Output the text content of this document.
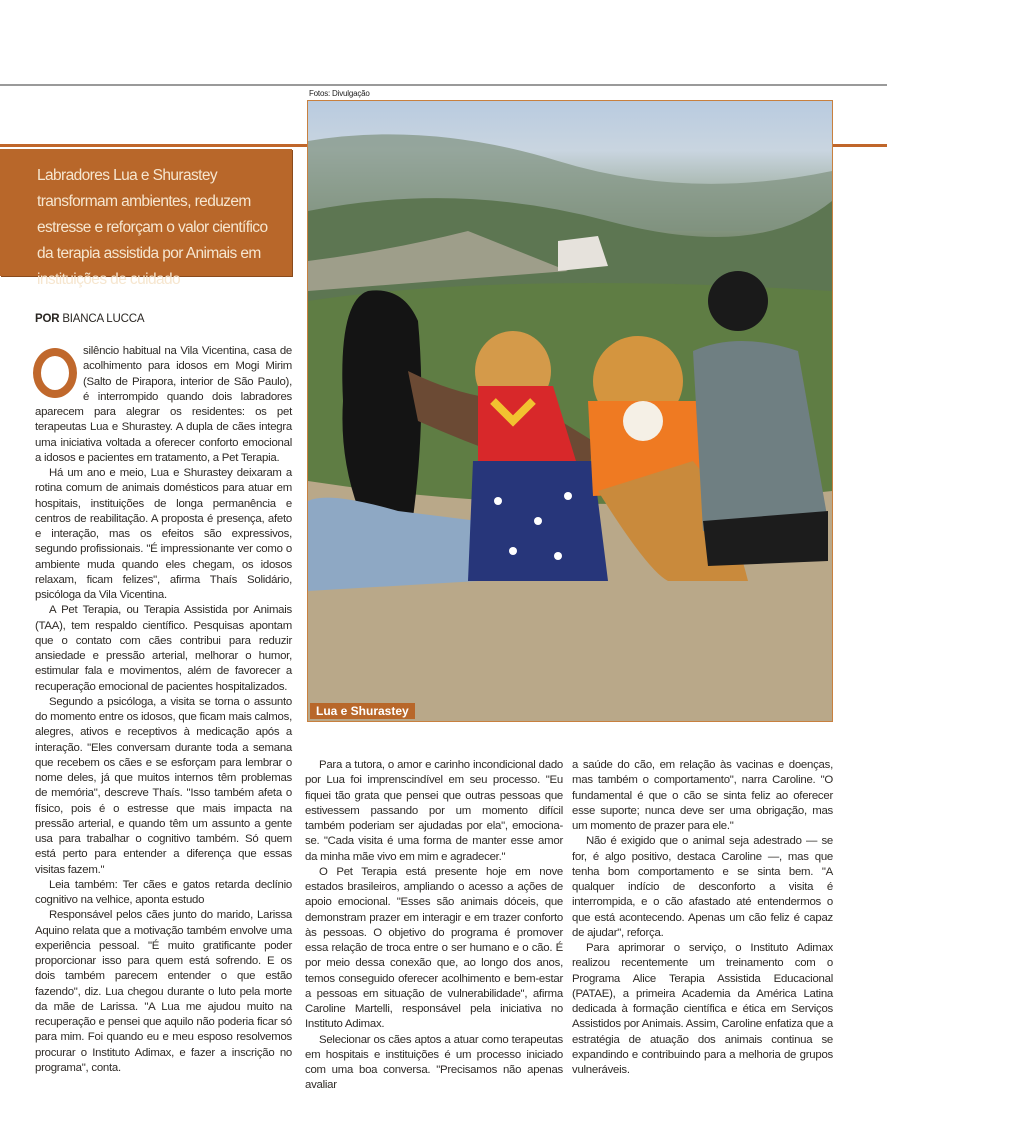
Fotos: Divulgação

Labradores Lua e Shurastey transformam ambientes, reduzem estresse e reforçam o valor científico da terapia assistida por Animais em instituições de cuidado

Lua e Shurastey
POR BIANCA LUCCA

silêncio habitual na Vila Vicentina, casa de acolhimento para idosos em Mogi Mirim (Salto de Pirapora, interior de São Paulo), é interrompido quando dois labradores aparecem para alegrar os residentes: os pet terapeutas Lua e Shurastey. A dupla de cães integra uma iniciativa voltada a oferecer conforto emocional a idosos e pacientes em tratamento, a Pet Terapia.

Há um ano e meio, Lua e Shurastey deixaram a rotina comum de animais domésticos para atuar em hospitais, instituições de longa permanência e centros de reabilitação. A proposta é presença, afeto e interação, mas os efeitos são expressivos, segundo profissionais. "É impressionante ver como o ambiente muda quando eles chegam, os idosos relaxam, ficam felizes", afirma Thaís Solidário, psicóloga da Vila Vicentina.

A Pet Terapia, ou Terapia Assistida por Animais (TAA), tem respaldo científico. Pesquisas apontam que o contato com cães contribui para reduzir ansiedade e pressão arterial, melhorar o humor, estimular fala e movimentos, além de favorecer a recuperação emocional de pacientes hospitalizados.

Segundo a psicóloga, a visita se torna o assunto do momento entre os idosos, que ficam mais calmos, alegres, ativos e receptivos à medicação após a interação. "Eles conversam durante toda a semana que recebem os cães e se esforçam para lembrar o nome deles, já que muitos internos têm problemas de memória", descreve Thaís. "Isso também afeta o físico, pois é o estresse que mais impacta na pressão arterial, e quando têm um assunto a gente usa para trabalhar o cognitivo também. Só quem está perto para entender a diferença que essas visitas fazem."

Leia também: Ter cães e gatos retarda declínio cognitivo na velhice, aponta estudo

Responsável pelos cães junto do marido, Larissa Aquino relata que a motivação também envolve uma experiência pessoal. "É muito gratificante poder proporcionar isso para quem está sofrendo. E os dois também parecem entender o que estão fazendo", diz. Lua chegou durante o luto pela morte da mãe de Larissa. "A Lua me ajudou muito na recuperação e pensei que aquilo não poderia ficar só para mim. Foi quando eu e meu esposo resolvemos procurar o Instituto Adimax, e fazer a inscrição no programa", conta.

Para a tutora, o amor e carinho incondicional dado por Lua foi imprenscindível em seu processo. "Eu fiquei tão grata que pensei que outras pessoas que estivessem passando por um momento difícil também poderiam ser ajudadas por ela", emociona-se. "Cada visita é uma forma de manter esse amor da minha mãe vivo em mim e agradecer."

O Pet Terapia está presente hoje em nove estados brasileiros, ampliando o acesso a ações de apoio emocional. "Esses são animais dóceis, que demonstram prazer em interagir e em trazer conforto às pessoas. O objetivo do programa é promover essa relação de troca entre o ser humano e o cão. É por meio dessa conexão que, ao longo dos anos, temos conseguido oferecer acolhimento e bem-estar a pessoas em situação de vulnerabilidade", afirma Caroline Martelli, responsável pela iniciativa no Instituto Adimax.

Selecionar os cães aptos a atuar como terapeutas em hospitais e instituições é um processo iniciado com uma boa conversa. "Precisamos não apenas avaliar

a saúde do cão, em relação às vacinas e doenças, mas também o comportamento", narra Caroline. "O fundamental é que o cão se sinta feliz ao oferecer esse suporte; nunca deve ser uma obrigação, mas um momento de prazer para ele."

Não é exigido que o animal seja adestrado — se for, é algo positivo, destaca Caroline —, mas que tenha bom comportamento e se sinta bem. "A qualquer indício de desconforto a visita é interrompida, e o cão afastado até entendermos o que está acontecendo. Apenas um cão feliz é capaz de ajudar", reforça.

Para aprimorar o serviço, o Instituto Adimax realizou recentemente um treinamento com o Programa Alice Terapia Assistida Educacional (PATAE), a primeira Academia da América Latina dedicada à formação científica e ética em Serviços Assistidos por Animais. Assim, Caroline enfatiza que a estratégia de atuação dos animais continua se expandindo e contribuindo para a melhoria de grupos vulneráveis.
